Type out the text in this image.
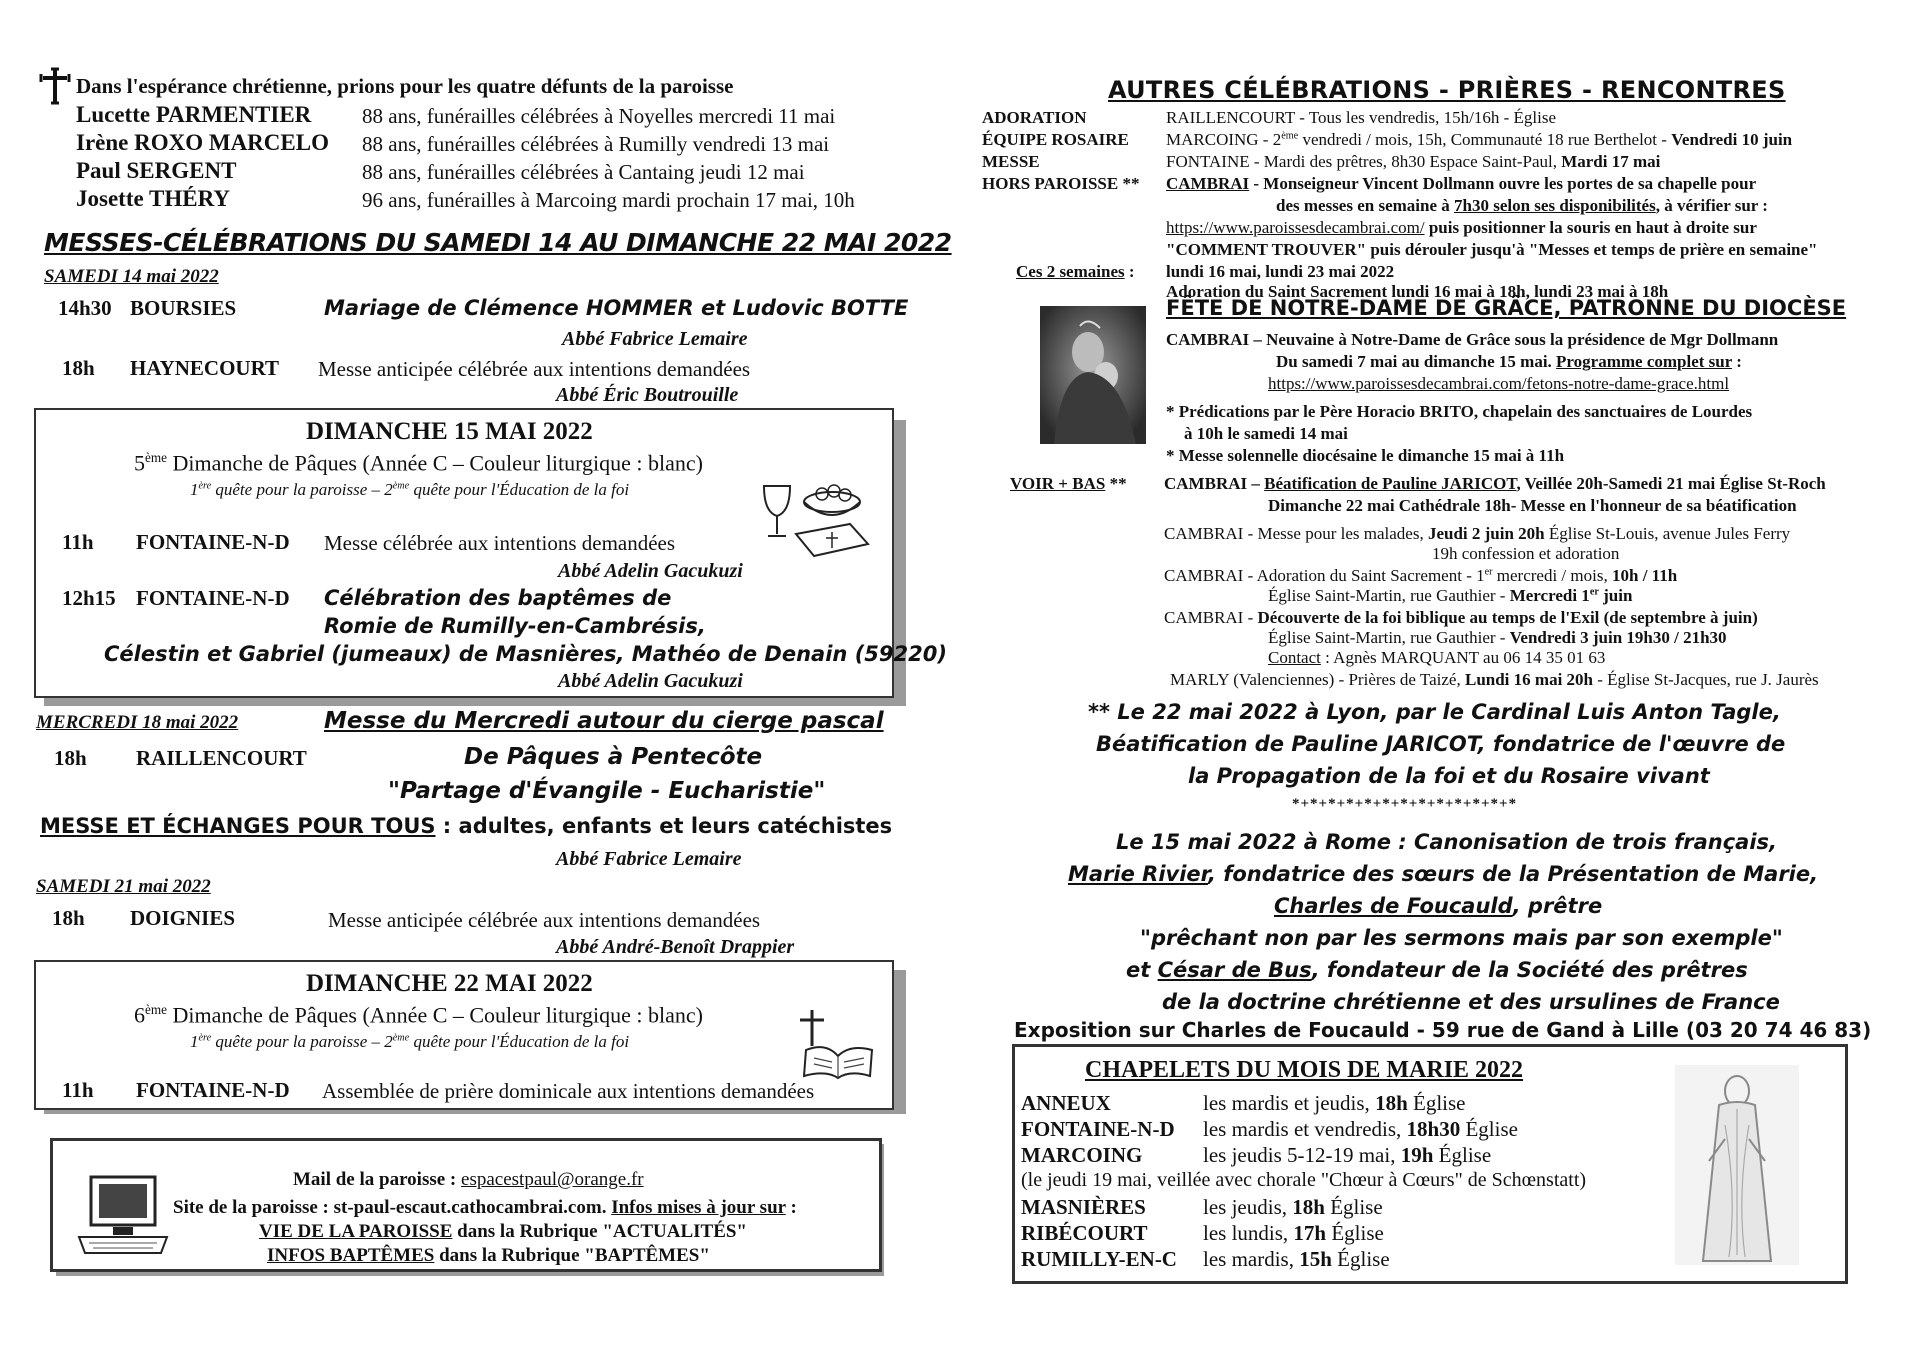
Dans l'espérance chrétienne, prions pour les quatre défunts de la paroisse
Lucette PARMENTIER 88 ans, funérailles célébrées à Noyelles mercredi 11 mai
Irène ROXO MARCELO 88 ans, funérailles célébrées à Rumilly vendredi 13 mai
Paul SERGENT	88 ans, funérailles célébrées à Cantaing jeudi 12 mai
Josette THÉRY	96 ans, funérailles à Marcoing mardi prochain 17 mai, 10h
MESSES-CÉLÉBRATIONS DU SAMEDI 14 AU DIMANCHE 22 MAI 2022
SAMEDI 14 mai 2022
14h30 BOURSIES	Mariage de Clémence HOMMER et Ludovic BOTTE
Abbé Fabrice Lemaire
18h HAYNECOURT Messe anticipée célébrée aux intentions demandées
Abbé Éric Boutrouille
DIMANCHE 15 MAI 2022
5ème Dimanche de Pâques (Année C – Couleur liturgique : blanc)
1ère quête pour la paroisse – 2ème quête pour l'Éducation de la foi
11h FONTAINE-N-D Messe célébrée aux intentions demandées
Abbé Adelin Gacukuzi
12h15 FONTAINE-N-D Célébration des baptêmes de
Romie de Rumilly-en-Cambrésis,
Célestin et Gabriel (jumeaux) de Masnières, Mathéo de Denain (59220)
Abbé Adelin Gacukuzi
MERCREDI 18 mai 2022	Messe du Mercredi autour du cierge pascal
18h RAILLENCOURT	De Pâques à Pentecôte
"Partage d'Évangile - Eucharistie"
MESSE ET ÉCHANGES POUR TOUS : adultes, enfants et leurs catéchistes
Abbé Fabrice Lemaire
SAMEDI 21 mai 2022
18h DOIGNIES	Messe anticipée célébrée aux intentions demandées
Abbé André-Benoît Drappier
DIMANCHE 22 MAI 2022
6ème Dimanche de Pâques (Année C – Couleur liturgique : blanc)
1ère quête pour la paroisse – 2ème quête pour l'Éducation de la foi
11h FONTAINE-N-D Assemblée de prière dominicale aux intentions demandées
Mail de la paroisse : espacestpaul@orange.fr
Site de la paroisse : st-paul-escaut.cathocambrai.com. Infos mises à jour sur :
VIE DE LA PAROISSE dans la Rubrique "ACTUALITÉS"
INFOS BAPTÊMES dans la Rubrique "BAPTÊMES"
AUTRES CÉLÉBRATIONS - PRIÈRES - RENCONTRES
ADORATION	RAILLENCOURT - Tous les vendredis, 15h/16h - Église
ÉQUIPE ROSAIRE MARCOING - 2ème vendredi / mois, 15h, Communauté 18 rue Berthelot - Vendredi 10 juin
MESSE	FONTAINE - Mardi des prêtres, 8h30 Espace Saint-Paul, Mardi 17 mai
HORS PAROISSE ** CAMBRAI - Monseigneur Vincent Dollmann ouvre les portes de sa chapelle pour
des messes en semaine à 7h30 selon ses disponibilités, à vérifier sur :
https://www.paroissesdecambrai.com/ puis positionner la souris en haut à droite sur
"COMMENT TROUVER" puis dérouler jusqu'à "Messes et temps de prière en semaine"
Ces 2 semaines : lundi 16 mai, lundi 23 mai 2022
Adoration du Saint Sacrement lundi 16 mai à 18h, lundi 23 mai à 18h
FÊTE DE NOTRE-DAME DE GRÂCE, PATRONNE DU DIOCÈSE
CAMBRAI – Neuvaine à Notre-Dame de Grâce sous la présidence de Mgr Dollmann
Du samedi 7 mai au dimanche 15 mai. Programme complet sur :
https://www.paroissesdecambrai.com/fetons-notre-dame-grace.html
* Prédications par le Père Horacio BRITO, chapelain des sanctuaires de Lourdes
à 10h le samedi 14 mai
* Messe solennelle diocésaine le dimanche 15 mai à 11h
VOIR + BAS ** CAMBRAI – Béatification de Pauline JARICOT, Veillée 20h-Samedi 21 mai Église St-Roch
Dimanche 22 mai Cathédrale 18h- Messe en l'honneur de sa béatification
CAMBRAI - Messe pour les malades, Jeudi 2 juin 20h Église St-Louis, avenue Jules Ferry
19h confession et adoration
CAMBRAI - Adoration du Saint Sacrement - 1er mercredi / mois, 10h / 11h
Église Saint-Martin, rue Gauthier - Mercredi 1er juin
CAMBRAI - Découverte de la foi biblique au temps de l'Exil (de septembre à juin)
Église Saint-Martin, rue Gauthier - Vendredi 3 juin 19h30 / 21h30
Contact : Agnès MARQUANT au 06 14 35 01 63
MARLY (Valenciennes) - Prières de Taizé, Lundi 16 mai 20h - Église St-Jacques, rue J. Jaurès
** Le 22 mai 2022 à Lyon, par le Cardinal Luis Anton Tagle,
Béatification de Pauline JARICOT, fondatrice de l'œuvre de
la Propagation de la foi et du Rosaire vivant
*+*+*+*+*+*+*+*+*+*+*+*+*
Le 15 mai 2022 à Rome : Canonisation de trois français,
Marie Rivier, fondatrice des sœurs de la Présentation de Marie,
Charles de Foucauld, prêtre
"prêchant non par les sermons mais par son exemple"
et César de Bus, fondateur de la Société des prêtres
de la doctrine chrétienne et des ursulines de France
Exposition sur Charles de Foucauld - 59 rue de Gand à Lille (03 20 74 46 83)
CHAPELETS DU MOIS DE MARIE 2022
ANNEUX	les mardis et jeudis, 18h Église
FONTAINE-N-D les mardis et vendredis, 18h30 Église
MARCOING	les jeudis 5-12-19 mai, 19h Église
(le jeudi 19 mai, veillée avec chorale "Chœur à Cœurs" de Schœnstatt)
MASNIÈRES	les jeudis, 18h Église
RIBÉCOURT	les lundis, 17h Église
RUMILLY-EN-C les mardis, 15h Église
